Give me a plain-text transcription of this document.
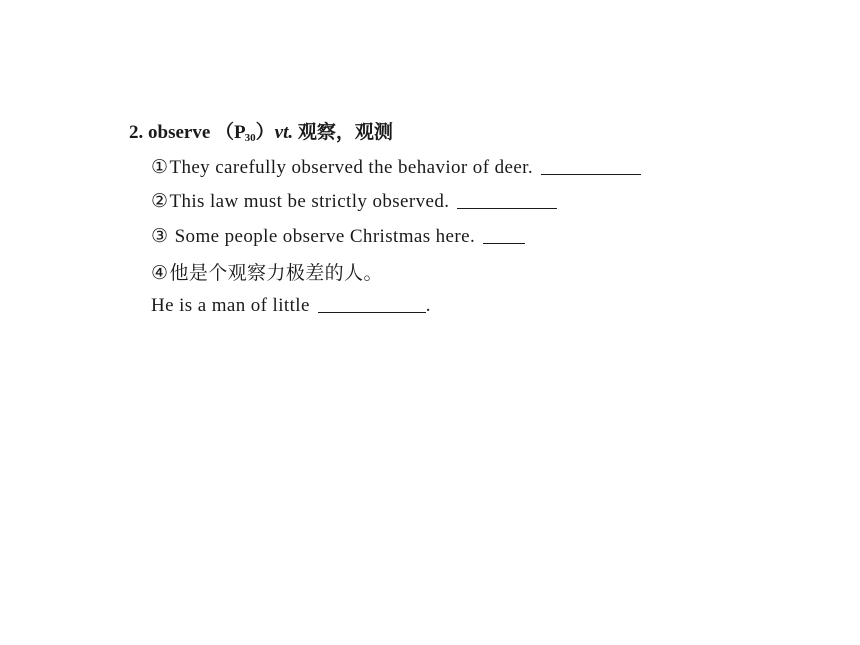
2. observe $(P_{30})vt$. 观察，观测
①They carefully observed the behavior of deer.
②This law must be strictly observed.
③ Some people observe Christmas here.
④他是个观察力极差的人。
He is a man of little	.
